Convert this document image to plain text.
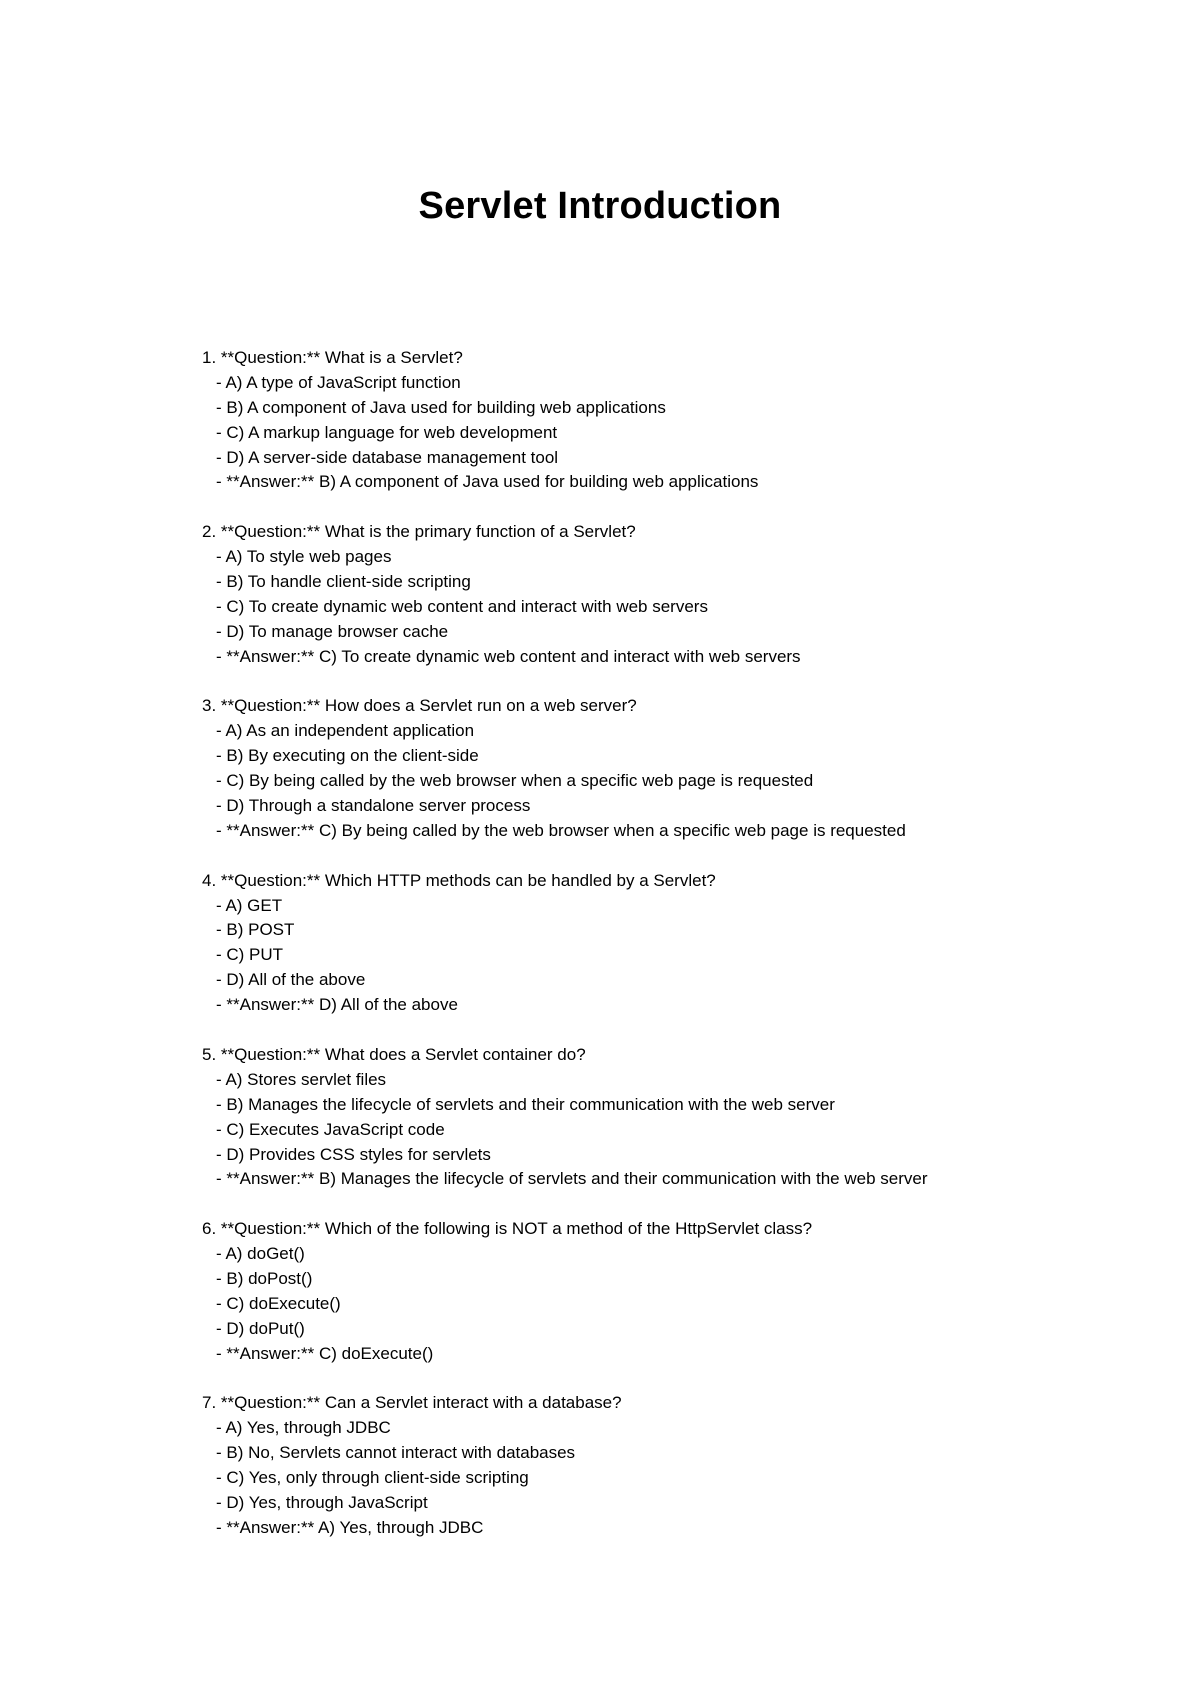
Servlet Introduction
1. **Question:** What is a Servlet?
- A) A type of JavaScript function
- B) A component of Java used for building web applications
- C) A markup language for web development
- D) A server-side database management tool
- **Answer:** B) A component of Java used for building web applications
2. **Question:** What is the primary function of a Servlet?
- A) To style web pages
- B) To handle client-side scripting
- C) To create dynamic web content and interact with web servers
- D) To manage browser cache
- **Answer:** C) To create dynamic web content and interact with web servers
3. **Question:** How does a Servlet run on a web server?
- A) As an independent application
- B) By executing on the client-side
- C) By being called by the web browser when a specific web page is requested
- D) Through a standalone server process
- **Answer:** C) By being called by the web browser when a specific web page is requested
4. **Question:** Which HTTP methods can be handled by a Servlet?
- A) GET
- B) POST
- C) PUT
- D) All of the above
- **Answer:** D) All of the above
5. **Question:** What does a Servlet container do?
- A) Stores servlet files
- B) Manages the lifecycle of servlets and their communication with the web server
- C) Executes JavaScript code
- D) Provides CSS styles for servlets
- **Answer:** B) Manages the lifecycle of servlets and their communication with the web server
6. **Question:** Which of the following is NOT a method of the HttpServlet class?
- A) doGet()
- B) doPost()
- C) doExecute()
- D) doPut()
- **Answer:** C) doExecute()
7. **Question:** Can a Servlet interact with a database?
- A) Yes, through JDBC
- B) No, Servlets cannot interact with databases
- C) Yes, only through client-side scripting
- D) Yes, through JavaScript
- **Answer:** A) Yes, through JDBC
